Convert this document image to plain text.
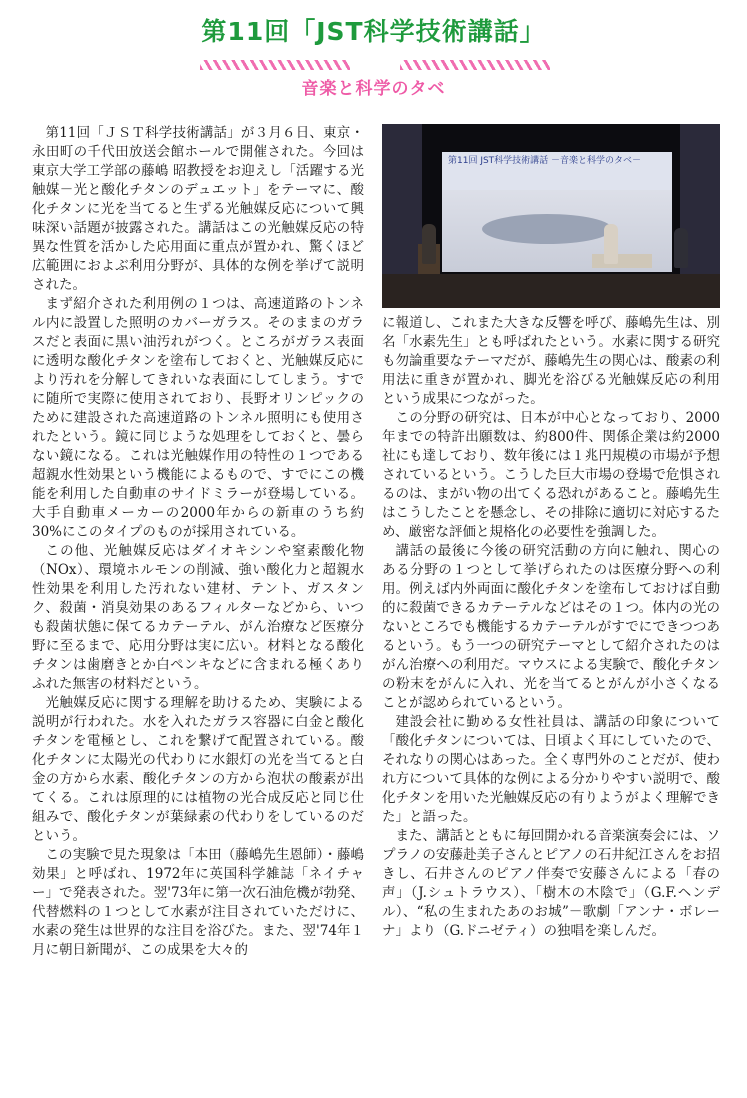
第11回「JST科学技術講話」
音楽と科学のタベ
第11回 JST科学技術講話 －音楽と科学のタベ－

第11回「ＪＳＴ科学技術講話」が３月６日、東京・永田町の千代田放送会館ホールで開催された。今回は東京大学工学部の藤嶋 昭教授をお迎えし「活躍する光触媒－光と酸化チタンのデュエット」をテーマに、酸化チタンに光を当てると生ずる光触媒反応について興味深い話題が披露された。講話はこの光触媒反応の特異な性質を活かした応用面に重点が置かれ、驚くほど広範囲におよぶ利用分野が、具体的な例を挙げて説明された。

まず紹介された利用例の１つは、高速道路のトンネル内に設置した照明のカバーガラス。そのままのガラスだと表面に黒い油汚れがつく。ところがガラス表面に透明な酸化チタンを塗布しておくと、光触媒反応により汚れを分解してきれいな表面にしてしまう。すでに随所で実際に使用されており、長野オリンピックのために建設された高速道路のトンネル照明にも使用されたという。鏡に同じような処理をしておくと、曇らない鏡になる。これは光触媒作用の特性の１つである超親水性効果という機能によるもので、すでにこの機能を利用した自動車のサイドミラーが登場している。大手自動車メーカーの2000年からの新車のうち約30%にこのタイプのものが採用されている。

この他、光触媒反応はダイオキシンや窒素酸化物（NOx）、環境ホルモンの削減、強い酸化力と超親水性効果を利用した汚れない建材、テント、ガスタンク、殺菌・消臭効果のあるフィルターなどから、いつも殺菌状態に保てるカテーテル、がん治療など医療分野に至るまで、応用分野は実に広い。材料となる酸化チタンは歯磨きとか白ペンキなどに含まれる極くありふれた無害の材料だという。

光触媒反応に関する理解を助けるため、実験による説明が行われた。水を入れたガラス容器に白金と酸化チタンを電極とし、これを繋げて配置されている。酸化チタンに太陽光の代わりに水銀灯の光を当てると白金の方から水素、酸化チタンの方から泡状の酸素が出てくる。これは原理的には植物の光合成反応と同じ仕組みで、酸化チタンが葉緑素の代わりをしているのだという。

この実験で見た現象は「本田（藤嶋先生恩師）・藤嶋効果」と呼ばれ、1972年に英国科学雑誌「ネイチャー」で発表された。翌'73年に第一次石油危機が勃発、代替燃料の１つとして水素が注目されていただけに、水素の発生は世界的な注目を浴びた。また、翌'74年１月に朝日新聞が、この成果を大々的

に報道し、これまた大きな反響を呼び、藤嶋先生は、別名「水素先生」とも呼ばれたという。水素に関する研究も勿論重要なテーマだが、藤嶋先生の関心は、酸素の利用法に重きが置かれ、脚光を浴びる光触媒反応の利用という成果につながった。

この分野の研究は、日本が中心となっており、2000年までの特許出願数は、約800件、関係企業は約2000社にも達しており、数年後には１兆円規模の市場が予想されているという。こうした巨大市場の登場で危惧されるのは、まがい物の出てくる恐れがあること。藤嶋先生はこうしたことを懸念し、その排除に適切に対応するため、厳密な評価と規格化の必要性を強調した。

講話の最後に今後の研究活動の方向に触れ、関心のある分野の１つとして挙げられたのは医療分野への利用。例えば内外両面に酸化チタンを塗布しておけば自動的に殺菌できるカテーテルなどはその１つ。体内の光のないところでも機能するカテーテルがすでにできつつあるという。もう一つの研究テーマとして紹介されたのはがん治療への利用だ。マウスによる実験で、酸化チタンの粉末をがんに入れ、光を当てるとがんが小さくなることが認められているという。

建設会社に勤める女性社員は、講話の印象について「酸化チタンについては、日頃よく耳にしていたので、それなりの関心はあった。全く専門外のことだが、使われ方について具体的な例による分かりやすい説明で、酸化チタンを用いた光触媒反応の有りようがよく理解できた」と語った。

また、講話とともに毎回開かれる音楽演奏会には、ソプラノの安藤赴美子さんとピアノの石井紀江さんをお招きし、石井さんのピアノ伴奏で安藤さんによる「春の声」（J.シュトラウス）、「樹木の木陰で」（G.F.ヘンデル）、“私の生まれたあのお城”－歌劇「アンナ・ボレーナ」より（G.ドニゼティ）の独唱を楽しんだ。
